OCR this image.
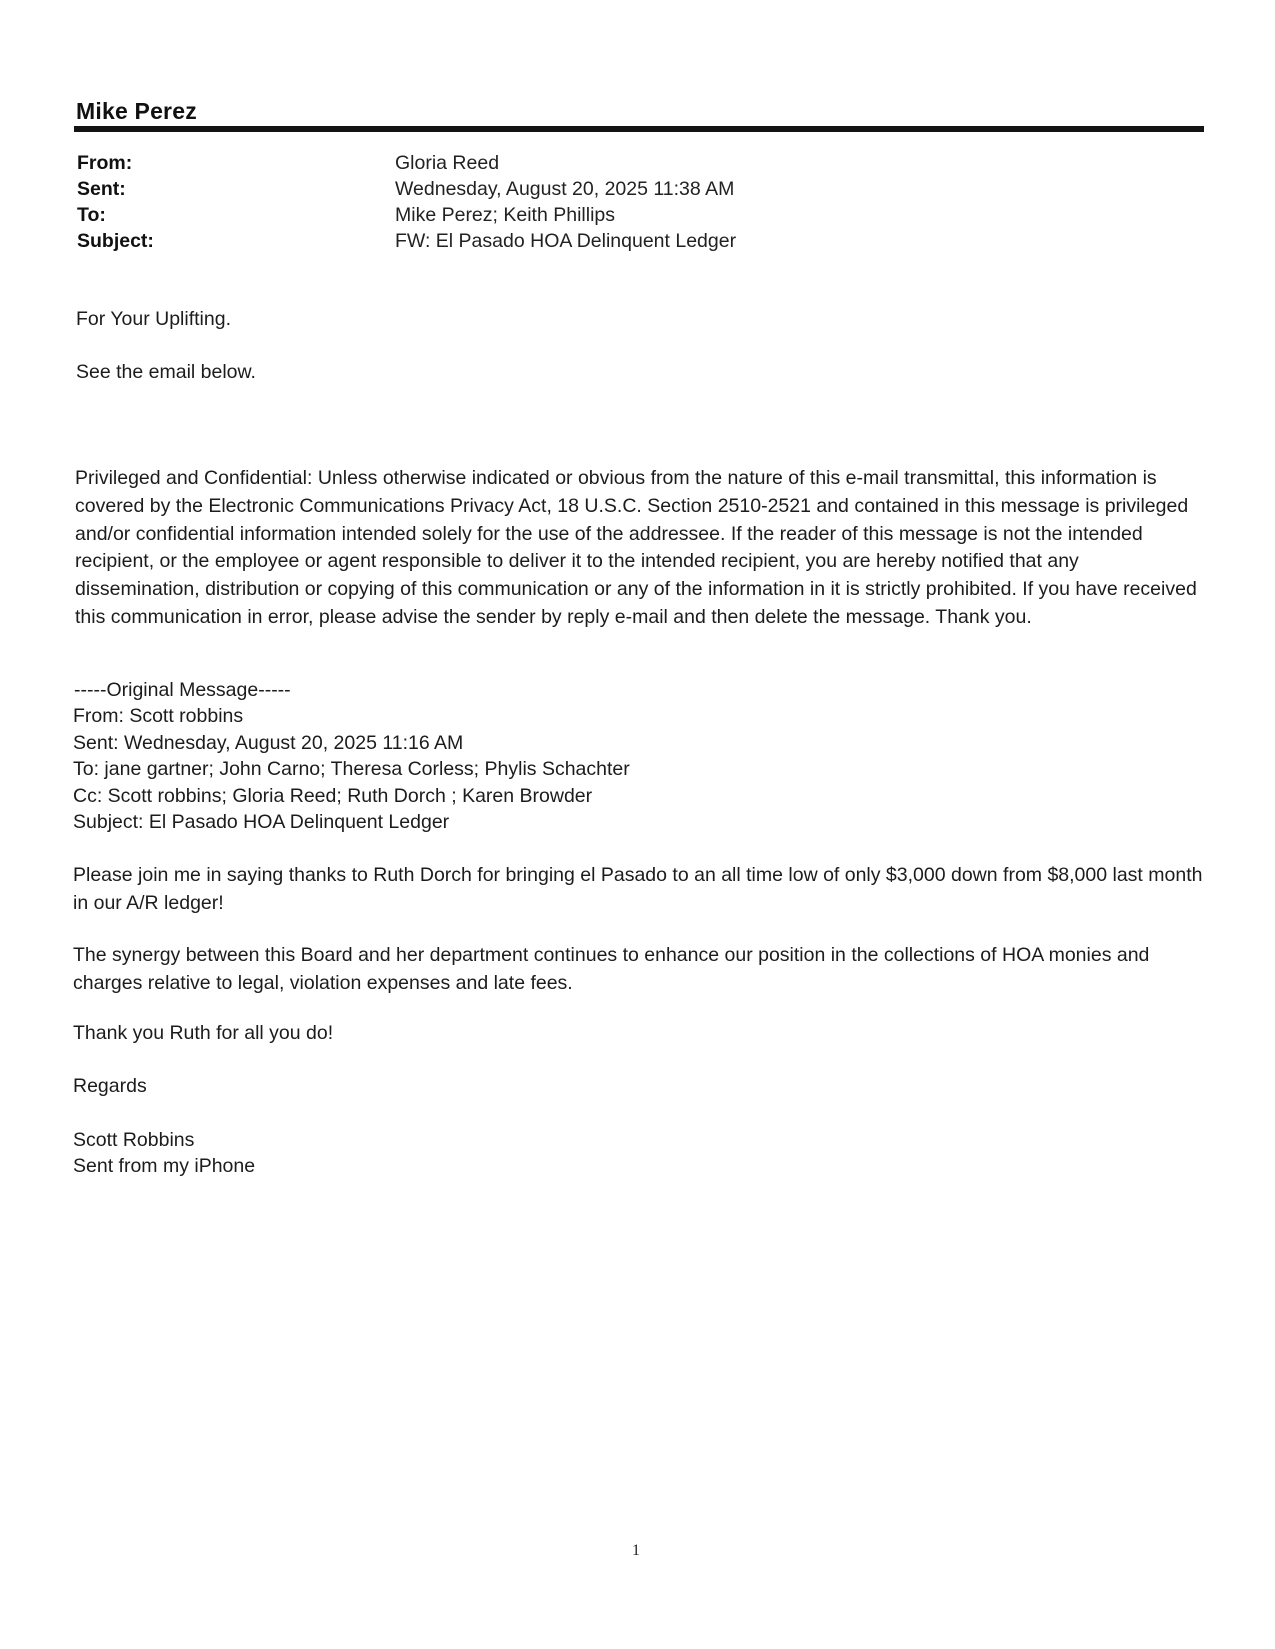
Mike Perez
From:	Gloria Reed
Sent:	Wednesday, August 20, 2025 11:38 AM
To:	Mike Perez; Keith Phillips
Subject:	FW: El Pasado HOA Delinquent Ledger
For Your Uplifting.
See the email below.
Privileged and Confidential: Unless otherwise indicated or obvious from the nature of this e-mail transmittal, this information is covered by the Electronic Communications Privacy Act, 18 U.S.C. Section 2510-2521 and contained in this message is privileged and/or confidential information intended solely for the use of the addressee. If the reader of this message is not the intended recipient, or the employee or agent responsible to deliver it to the intended recipient, you are hereby notified that any dissemination, distribution or copying of this communication or any of the information in it is strictly prohibited. If you have received this communication in error, please advise the sender by reply e-mail and then delete the message. Thank you.
-----Original Message-----
From: Scott robbins
Sent: Wednesday, August 20, 2025 11:16 AM
To: jane gartner; John Carno; Theresa Corless; Phylis Schachter
Cc: Scott robbins; Gloria Reed; Ruth Dorch ; Karen Browder
Subject: El Pasado HOA Delinquent Ledger
Please join me in saying thanks to Ruth Dorch for bringing el Pasado to an all time low of only $3,000 down from $8,000 last month in our A/R ledger!
The synergy between this Board and her department continues to enhance our position in the collections of HOA monies and charges relative to legal, violation expenses and late fees.
Thank you Ruth for all you do!
Regards
Scott Robbins
Sent from my iPhone
1
